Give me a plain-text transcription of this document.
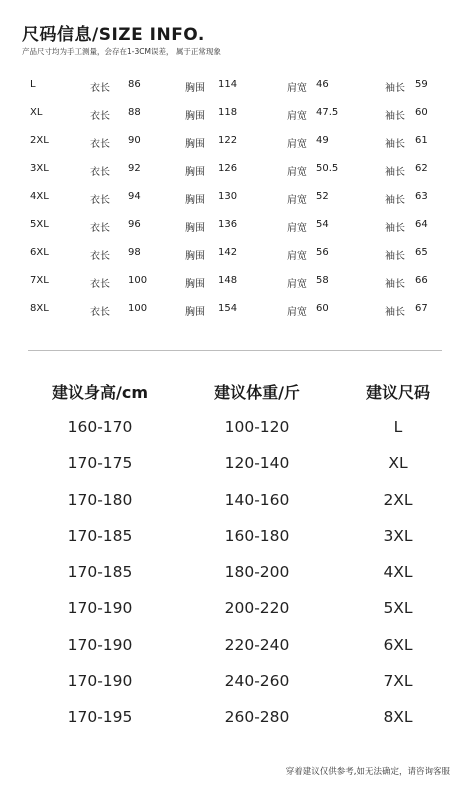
尺码信息/SIZE INFO.
产品尺寸均为手工测量，会存在1-3CM误差， 属于正常现象
L	衣长 86	胸围 114	肩宽 46	袖长 59
XL	衣长 88	胸围 118	肩宽 47.5	袖长 60
2XL	衣长 90	胸围 122	肩宽 49	袖长 61
3XL	衣长 92	胸围 126	肩宽 50.5	袖长 62
4XL	衣长 94	胸围 130	肩宽 52	袖长 63
5XL	衣长 96	胸围 136	肩宽 54	袖长 64
6XL	衣长 98	胸围 142	肩宽 56	袖长 65
7XL	衣长 100	胸围 148	肩宽 58	袖长 66
8XL	衣长 100	胸围 154	肩宽 60	袖长 67
建议身高/cm	建议体重/斤	建议尺码
160-170	100-120	L
170-175	120-140	XL
170-180	140-160	2XL
170-185	160-180	3XL
170-185	180-200	4XL
170-190	200-220	5XL
170-190	220-240	6XL
170-190	240-260	7XL
170-195	260-280	8XL
穿着建议仅供参考,如无法确定，请咨询客服
